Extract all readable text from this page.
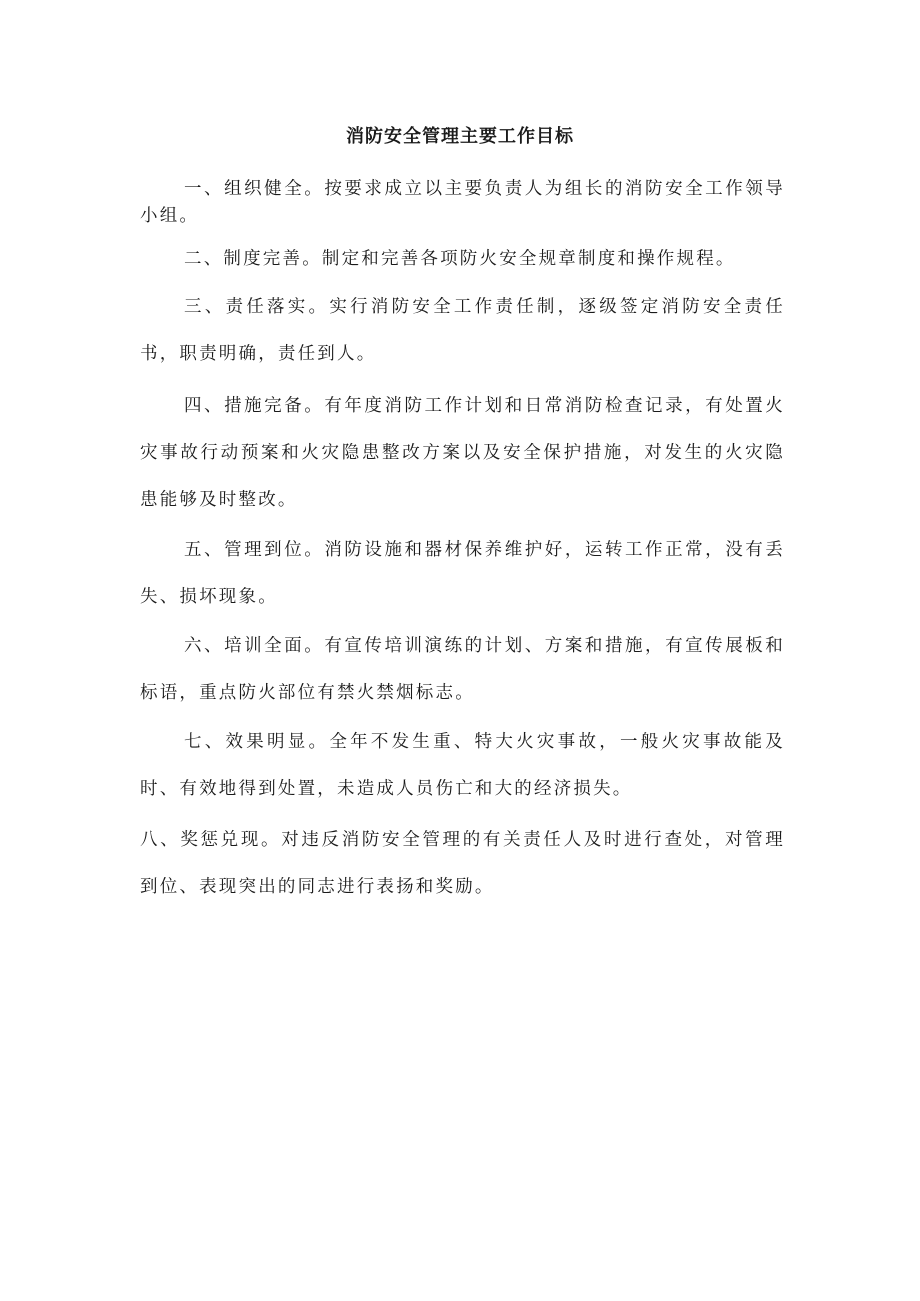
消防安全管理主要工作目标

一、组织健全。按要求成立以主要负责人为组长的消防安全工作领导小组。

二、制度完善。制定和完善各项防火安全规章制度和操作规程。

三、责任落实。实行消防安全工作责任制，逐级签定消防安全责任书，职责明确，责任到人。

四、措施完备。有年度消防工作计划和日常消防检查记录，有处置火灾事故行动预案和火灾隐患整改方案以及安全保护措施，对发生的火灾隐患能够及时整改。

五、管理到位。消防设施和器材保养维护好，运转工作正常，没有丢失、损坏现象。

六、培训全面。有宣传培训演练的计划、方案和措施，有宣传展板和标语，重点防火部位有禁火禁烟标志。

七、效果明显。全年不发生重、特大火灾事故，一般火灾事故能及时、有效地得到处置，未造成人员伤亡和大的经济损失。

八、奖惩兑现。对违反消防安全管理的有关责任人及时进行查处，对管理到位、表现突出的同志进行表扬和奖励。
